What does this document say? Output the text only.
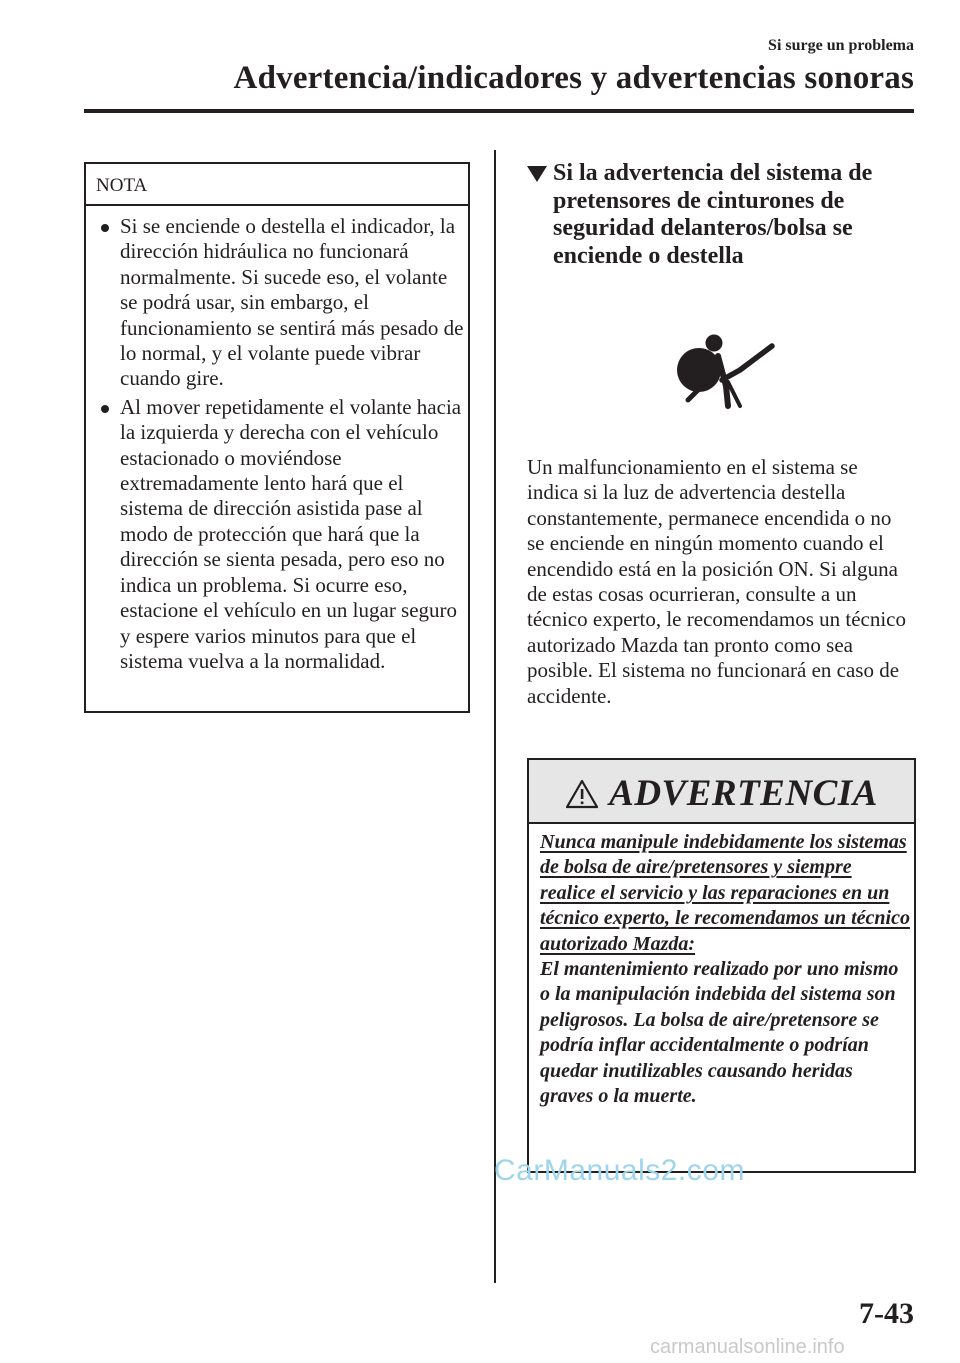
Si surge un problema
Advertencia/indicadores y advertencias sonoras
NOTA
Si se enciende o destella el indicador, la dirección hidráulica no funcionará normalmente. Si sucede eso, el volante se podrá usar, sin embargo, el funcionamiento se sentirá más pesado de lo normal, y el volante puede vibrar cuando gire.
Al mover repetidamente el volante hacia la izquierda y derecha con el vehículo estacionado o moviéndose extremadamente lento hará que el sistema de dirección asistida pase al modo de protección que hará que la dirección se sienta pesada, pero eso no indica un problema. Si ocurre eso, estacione el vehículo en un lugar seguro y espere varios minutos para que el sistema vuelva a la normalidad.
Si la advertencia del sistema de pretensores de cinturones de seguridad delanteros/bolsa se enciende o destella
Un malfuncionamiento en el sistema se indica si la luz de advertencia destella constantemente, permanece encendida o no se enciende en ningún momento cuando el encendido está en la posición ON. Si alguna de estas cosas ocurrieran, consulte a un técnico experto, le recomendamos un técnico autorizado Mazda tan pronto como sea posible. El sistema no funcionará en caso de accidente.
ADVERTENCIA
Nunca manipule indebidamente los sistemas de bolsa de aire/pretensores y siempre realice el servicio y las reparaciones en un técnico experto, le recomendamos un técnico autorizado Mazda:
El mantenimiento realizado por uno mismo o la manipulación indebida del sistema son peligrosos. La bolsa de aire/pretensore se podría inflar accidentalmente o podrían quedar inutilizables causando heridas graves o la muerte.
CarManuals2.com
7-43
carmanualsonline.info
